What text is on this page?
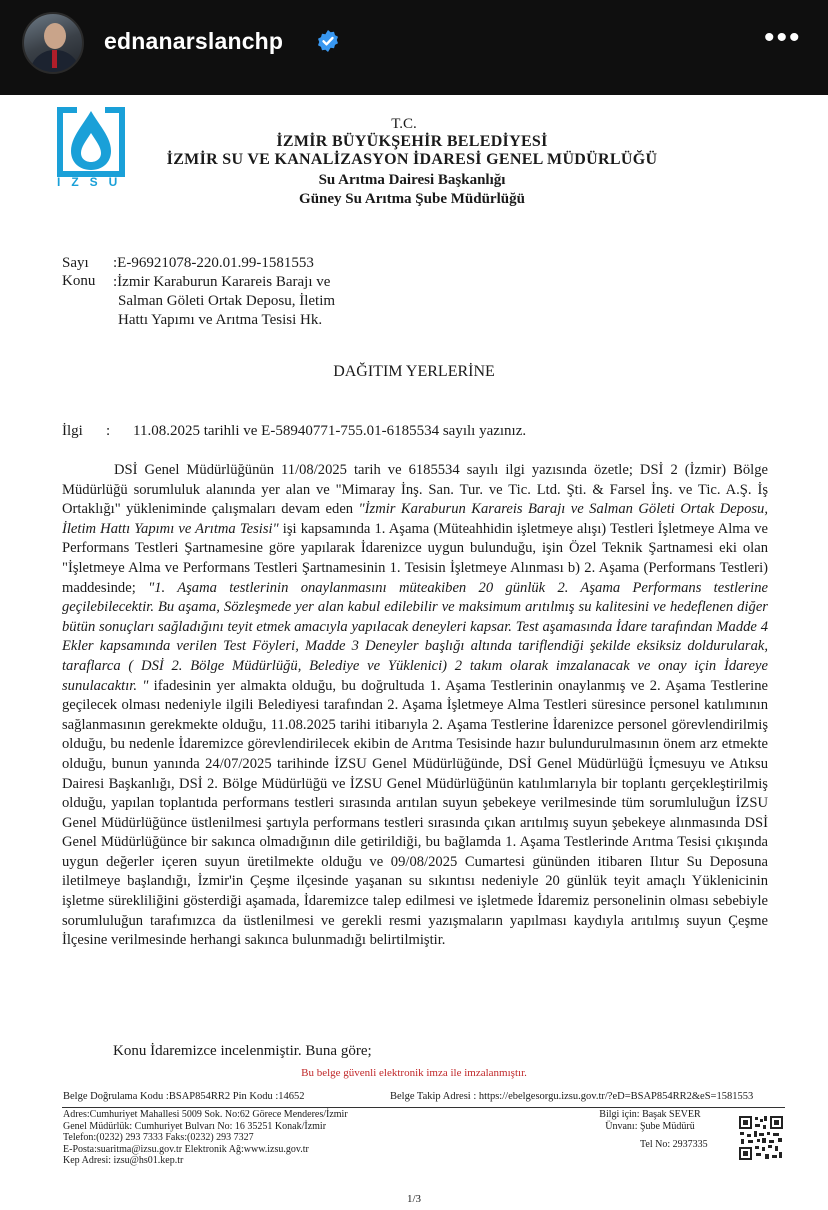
ednanarslanchp	•••
IZSU
T.C.
İZMİR BÜYÜKŞEHİR BELEDİYESİ
İZMİR SU VE KANALİZASYON İDARESİ GENEL MÜDÜRLÜĞÜ
Su Arıtma Dairesi Başkanlığı
Güney Su Arıtma Şube Müdürlüğü
Sayı :E-96921078-220.01.99-1581553
Konu :İzmir Karaburun Karareis Barajı ve
Salman Göleti Ortak Deposu, İletim
Hattı Yapımı ve Arıtma Tesisi Hk.
DAĞITIM YERLERİNE
İlgi : 11.08.2025 tarihli ve E-58940771-755.01-6185534 sayılı yazınız.
DSİ Genel Müdürlüğünün 11/08/2025 tarih ve 6185534 sayılı ilgi yazısında özetle; DSİ 2 (İzmir) Bölge Müdürlüğü sorumluluk alanında yer alan ve "Mimaray İnş. San. Tur. ve Tic. Ltd. Şti. & Farsel İnş. ve Tic. A.Ş. İş Ortaklığı" yükleniminde çalışmaları devam eden "İzmir Karaburun Karareis Barajı ve Salman Göleti Ortak Deposu, İletim Hattı Yapımı ve Arıtma Tesisi" işi kapsamında 1. Aşama (Müteahhidin işletmeye alışı) Testleri İşletmeye Alma ve Performans Testleri Şartnamesine göre yapılarak İdarenizce uygun bulunduğu, işin Özel Teknik Şartnamesi eki olan "İşletmeye Alma ve Performans Testleri Şartnamesinin 1. Tesisin İşletmeye Alınması b) 2. Aşama (Performans Testleri) maddesinde; "1. Aşama testlerinin onaylanmasını müteakiben 20 günlük 2. Aşama Performans testlerine geçilebilecektir. Bu aşama, Sözleşmede yer alan kabul edilebilir ve maksimum arıtılmış su kalitesini ve hedeflenen diğer bütün sonuçları sağladığını teyit etmek amacıyla yapılacak deneyleri kapsar. Test aşamasında İdare tarafından Madde 4 Ekler kapsamında verilen Test Föyleri, Madde 3 Deneyler başlığı altında tariflendiği şekilde eksiksiz doldurularak, taraflarca ( DSİ 2. Bölge Müdürlüğü, Belediye ve Yüklenici) 2 takım olarak imzalanacak ve onay için İdareye sunulacaktır. " ifadesinin yer almakta olduğu, bu doğrultuda 1. Aşama Testlerinin onaylanmış ve 2. Aşama Testlerine geçilecek olması nedeniyle ilgili Belediyesi tarafından 2. Aşama İşletmeye Alma Testleri süresince personel katılımının sağlanmasının gerekmekte olduğu, 11.08.2025 tarihi itibarıyla 2. Aşama Testlerine İdarenizce personel görevlendirilmiş olduğu, bu nedenle İdaremizce görevlendirilecek ekibin de Arıtma Tesisinde hazır bulundurulmasının önem arz etmekte olduğu, bunun yanında 24/07/2025 tarihinde İZSU Genel Müdürlüğünde, DSİ Genel Müdürlüğü İçmesuyu ve Atıksu Dairesi Başkanlığı, DSİ 2. Bölge Müdürlüğü ve İZSU Genel Müdürlüğünün katılımlarıyla bir toplantı gerçekleştirilmiş olduğu, yapılan toplantıda performans testleri sırasında arıtılan suyun şebekeye verilmesinde tüm sorumluluğun İZSU Genel Müdürlüğünce üstlenilmesi şartıyla performans testleri sırasında çıkan arıtılmış suyun şebekeye alınmasında DSİ Genel Müdürlüğünce bir sakınca olmadığının dile getirildiği, bu bağlamda 1. Aşama Testlerinde Arıtma Tesisi çıkışında uygun değerler içeren suyun üretilmekte olduğu ve 09/08/2025 Cumartesi gününden itibaren Ilıtur Su Deposuna iletilmeye başlandığı, İzmir'in Çeşme ilçesinde yaşanan su sıkıntısı nedeniyle 20 günlük teyit amaçlı Yüklenicinin işletme sürekliliğini gösterdiği aşamada, İdaremizce talep edilmesi ve işletmede İdaremiz personelinin olması sebebiyle sorumluluğun tarafımızca da üstlenilmesi ve gerekli resmi yazışmaların yapılması kaydıyla arıtılmış suyun Çeşme İlçesine verilmesinde herhangi sakınca bulunmadığı belirtilmiştir.
Konu İdaremizce incelenmiştir. Buna göre;
Bu belge güvenli elektronik imza ile imzalanmıştır.
Belge Doğrulama Kodu :BSAP854RR2 Pin Kodu :14652	Belge Takip Adresi : https://ebelgesorgu.izsu.gov.tr/?eD=BSAP854RR2&eS=1581553
Adres:Cumhuriyet Mahallesi 5009 Sok. No:62 Görece Menderes/İzmir
Genel Müdürlük: Cumhuriyet Bulvarı No: 16 35251 Konak/İzmir
Telefon:(0232) 293 7333 Faks:(0232) 293 7327
E-Posta:suaritma@izsu.gov.tr Elektronik Ağ:www.izsu.gov.tr
Kep Adresi: izsu@hs01.kep.tr
Bilgi için: Başak SEVER
Ünvanı: Şube Müdürü
Tel No: 2937335
1/3
